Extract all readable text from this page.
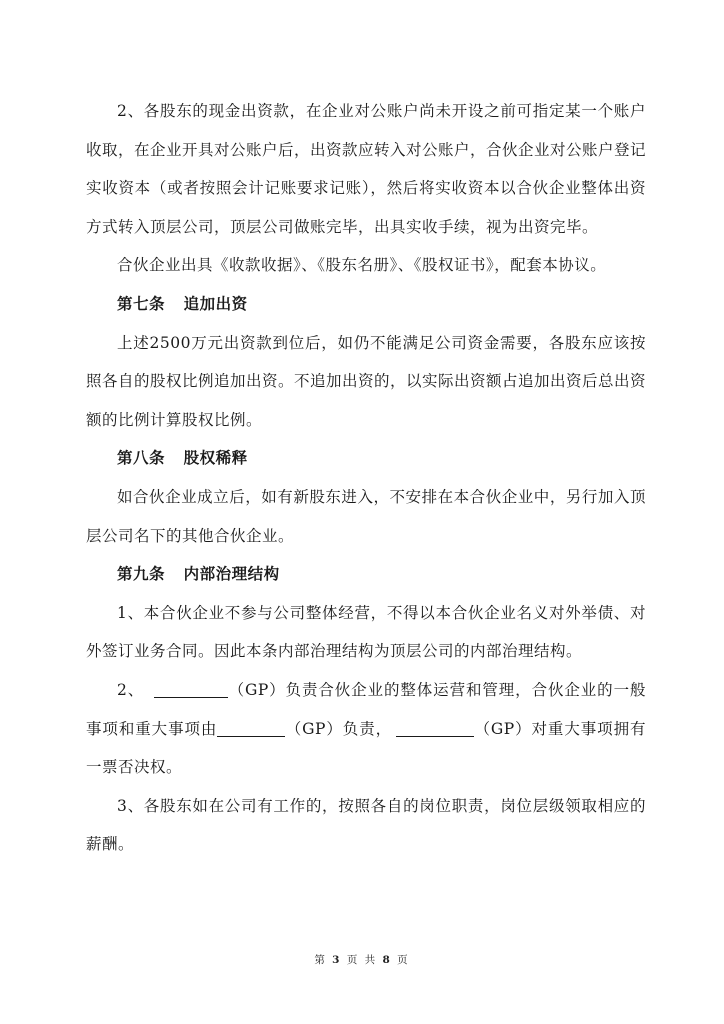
2、各股东的现金出资款，在企业对公账户尚未开设之前可指定某一个账户收取，在企业开具对公账户后，出资款应转入对公账户，合伙企业对公账户登记实收资本（或者按照会计记账要求记账），然后将实收资本以合伙企业整体出资方式转入顶层公司，顶层公司做账完毕，出具实收手续，视为出资完毕。

合伙企业出具《收款收据》、《股东名册》、《股权证书》，配套本协议。

第七条 追加出资

上述2500万元出资款到位后，如仍不能满足公司资金需要，各股东应该按照各自的股权比例追加出资。不追加出资的，以实际出资额占追加出资后总出资额的比例计算股权比例。

第八条 股权稀释

如合伙企业成立后，如有新股东进入，不安排在本合伙企业中，另行加入顶层公司名下的其他合伙企业。

第九条 内部治理结构

1、本合伙企业不参与公司整体经营，不得以本合伙企业名义对外举债、对外签订业务合同。因此本条内部治理结构为顶层公司的内部治理结构。

2、	（GP）负责合伙企业的整体运营和管理，合伙企业的一般事项和重大事项由	（GP）负责，	（GP）对重大事项拥有一票否决权。

3、各股东如在公司有工作的，按照各自的岗位职责，岗位层级领取相应的薪酬。

第 3 页 共 8 页
